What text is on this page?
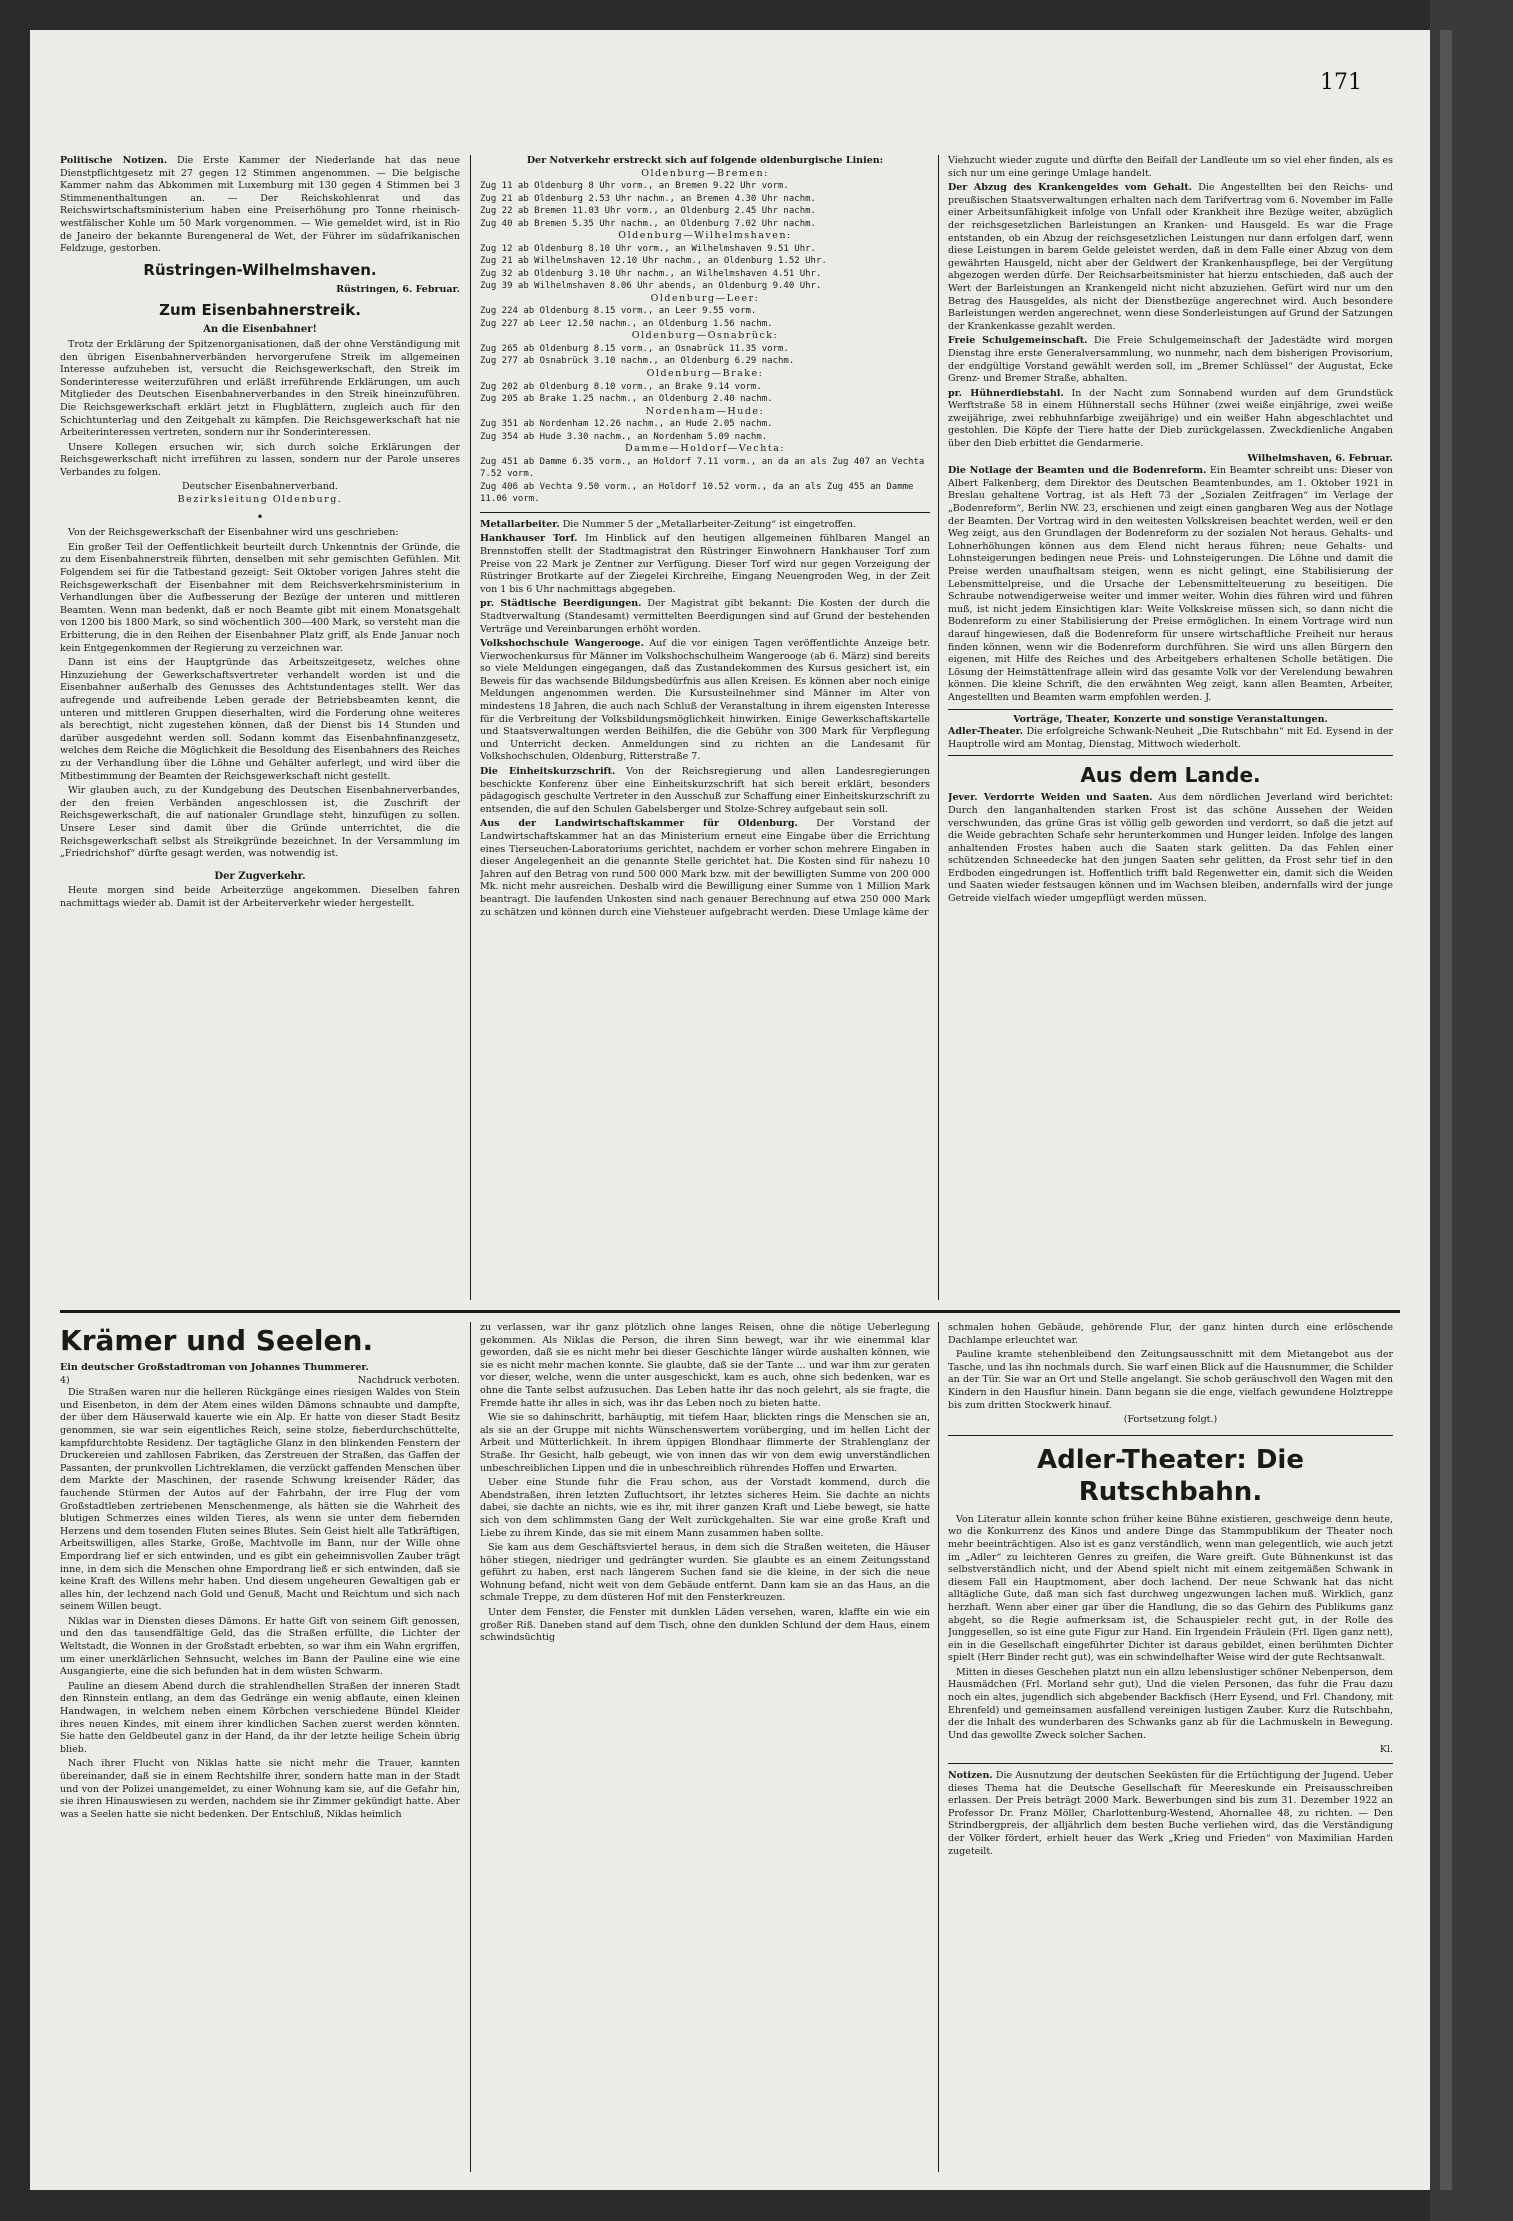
171

Politische Notizen. Die Erste Kammer der Niederlande hat das neue Dienstpflichtgesetz mit 27 gegen 12 Stimmen angenommen. — Die belgische Kammer nahm das Abkommen mit Luxemburg mit 130 gegen 4 Stimmen bei 3 Stimmenenthaltungen an. — Der Reichskohlenrat und das Reichswirtschaftsministerium haben eine Preiserhöhung pro Tonne rheinisch-westfälischer Kohle um 50 Mark vorgenommen. — Wie gemeldet wird, ist in Rio de Janeiro der bekannte Burengeneral de Wet, der Führer im südafrikanischen Feldzuge, gestorben.

Rüstringen-Wilhelmshaven.
Rüstringen, 6. Februar.
Zum Eisenbahnerstreik.
An die Eisenbahner!

Trotz der Erklärung der Spitzenorganisationen, daß der ohne Verständigung mit den übrigen Eisenbahnerverbänden hervorgerufene Streik im allgemeinen Interesse aufzuheben ist, versucht die Reichsgewerkschaft, den Streik im Sonderinteresse weiterzuführen und erläßt irreführende Erklärungen, um auch Mitglieder des Deutschen Eisenbahnerverbandes in den Streik hineinzuführen. Die Reichsgewerkschaft erklärt jetzt in Flugblättern, zugleich auch für den Schichtunterlag und den Zeitgehalt zu kämpfen. Die Reichsgewerkschaft hat nie Arbeiterinteressen vertreten, sondern nur ihr Sonderinteressen.

Unsere Kollegen ersuchen wir, sich durch solche Erklärungen der Reichsgewerkschaft nicht irreführen zu lassen, sondern nur der Parole unseres Verbandes zu folgen.

Deutscher Eisenbahnerverband.
Bezirksleitung Oldenburg.
•

Von der Reichsgewerkschaft der Eisenbahner wird uns geschrieben:

Ein großer Teil der Oeffentlichkeit beurteilt durch Unkenntnis der Gründe, die zu dem Eisenbahnerstreik führten, denselben mit sehr gemischten Gefühlen. Mit Folgendem sei für die Tatbestand gezeigt: Seit Oktober vorigen Jahres steht die Reichsgewerkschaft der Eisenbahner mit dem Reichsverkehrsministerium in Verhandlungen über die Aufbesserung der Bezüge der unteren und mittleren Beamten. Wenn man bedenkt, daß er noch Beamte gibt mit einem Monatsgehalt von 1200 bis 1800 Mark, so sind wöchentlich 300—400 Mark, so versteht man die Erbitterung, die in den Reihen der Eisenbahner Platz griff, als Ende Januar noch kein Entgegenkommen der Regierung zu verzeichnen war.

Dann ist eins der Hauptgründe das Arbeitszeitgesetz, welches ohne Hinzuziehung der Gewerkschaftsvertreter verhandelt worden ist und die Eisenbahner außerhalb des Genusses des Achtstundentages stellt. Wer das aufregende und aufreibende Leben gerade der Betriebsbeamten kennt, die unteren und mittleren Gruppen dieserhalten, wird die Forderung ohne weiteres als berechtigt, nicht zugestehen können, daß der Dienst bis 14 Stunden und darüber ausgedehnt werden soll. Sodann kommt das Eisenbahnfinanzgesetz, welches dem Reiche die Möglichkeit die Besoldung des Eisenbahners des Reiches zu der Verhandlung über die Löhne und Gehälter auferlegt, und wird über die Mitbestimmung der Beamten der Reichsgewerkschaft nicht gestellt.

Wir glauben auch, zu der Kundgebung des Deutschen Eisenbahnerverbandes, der den freien Verbänden angeschlossen ist, die Zuschrift der Reichsgewerkschaft, die auf nationaler Grundlage steht, hinzufügen zu sollen. Unsere Leser sind damit über die Gründe unterrichtet, die die Reichsgewerkschaft selbst als Streikgründe bezeichnet. In der Versammlung im „Friedrichshof“ dürfte gesagt werden, was notwendig ist.

Der Zugverkehr.

Heute morgen sind beide Arbeiterzüge angekommen. Dieselben fahren nachmittags wieder ab. Damit ist der Arbeiterverkehr wieder hergestellt.

Der Notverkehr erstreckt sich auf folgende oldenburgische Linien:
Oldenburg—Bremen:
Zug 11 ab Oldenburg 8 Uhr vorm., an Bremen 9.22 Uhr vorm.
Zug 21 ab Oldenburg 2.53 Uhr nachm., an Bremen 4.30 Uhr nachm.
Zug 22 ab Bremen 11.03 Uhr vorm., an Oldenburg 2.45 Uhr nachm.
Zug 40 ab Bremen 5.35 Uhr nachm., an Oldenburg 7.02 Uhr nachm.
Oldenburg—Wilhelmshaven:
Zug 12 ab Oldenburg 8.10 Uhr vorm., an Wilhelmshaven 9.51 Uhr.
Zug 21 ab Wilhelmshaven 12.10 Uhr nachm., an Oldenburg 1.52 Uhr.
Zug 32 ab Oldenburg 3.10 Uhr nachm., an Wilhelmshaven 4.51 Uhr.
Zug 39 ab Wilhelmshaven 8.06 Uhr abends, an Oldenburg 9.40 Uhr.
Oldenburg—Leer:
Zug 224 ab Oldenburg 8.15 vorm., an Leer 9.55 vorm.
Zug 227 ab Leer 12.50 nachm., an Oldenburg 1.56 nachm.
Oldenburg—Osnabrück:
Zug 265 ab Oldenburg 8.15 vorm., an Osnabrück 11.35 vorm.
Zug 277 ab Osnabrück 3.10 nachm., an Oldenburg 6.29 nachm.
Oldenburg—Brake:
Zug 202 ab Oldenburg 8.10 vorm., an Brake 9.14 vorm.
Zug 205 ab Brake 1.25 nachm., an Oldenburg 2.40 nachm.
Nordenham—Hude:
Zug 351 ab Nordenham 12.26 nachm., an Hude 2.05 nachm.
Zug 354 ab Hude 3.30 nachm., an Nordenham 5.09 nachm.
Damme—Holdorf—Vechta:
Zug 451 ab Damme 6.35 vorm., an Holdorf 7.11 vorm., an da an als Zug 407 an Vechta 7.52 vorm.
Zug 406 ab Vechta 9.50 vorm., an Holdorf 10.52 vorm., da an als Zug 455 an Damme 11.06 vorm.

Metallarbeiter. Die Nummer 5 der „Metallarbeiter-Zeitung“ ist eingetroffen.

Hankhauser Torf. Im Hinblick auf den heutigen allgemeinen fühlbaren Mangel an Brennstoffen stellt der Stadtmagistrat den Rüstringer Einwohnern Hankhauser Torf zum Preise von 22 Mark je Zentner zur Verfügung. Dieser Torf wird nur gegen Vorzeigung der Rüstringer Brotkarte auf der Ziegelei Kirchreihe, Eingang Neuengroden Weg, in der Zeit von 1 bis 6 Uhr nachmittags abgegeben.

pr. Städtische Beerdigungen. Der Magistrat gibt bekannt: Die Kosten der durch die Stadtverwaltung (Standesamt) vermittelten Beerdigungen sind auf Grund der bestehenden Verträge und Vereinbarungen erhöht worden.

Volkshochschule Wangerooge. Auf die vor einigen Tagen veröffentlichte Anzeige betr. Vierwochenkursus für Männer im Volkshochschulheim Wangerooge (ab 6. März) sind bereits so viele Meldungen eingegangen, daß das Zustandekommen des Kursus gesichert ist, ein Beweis für das wachsende Bildungsbedürfnis aus allen Kreisen. Es können aber noch einige Meldungen angenommen werden. Die Kursusteilnehmer sind Männer im Alter von mindestens 18 Jahren, die auch nach Schluß der Veranstaltung in ihrem eigensten Interesse für die Verbreitung der Volksbildungsmöglichkeit hinwirken. Einige Gewerkschaftskartelle und Staatsverwaltungen werden Beihilfen, die die Gebühr von 300 Mark für Verpflegung und Unterricht decken. Anmeldungen sind zu richten an die Landesamt für Volkshochschulen, Oldenburg, Ritterstraße 7.

Die Einheitskurzschrift. Von der Reichsregierung und allen Landesregierungen beschickte Konferenz über eine Einheitskurzschrift hat sich bereit erklärt, besonders pädagogisch geschulte Vertreter in den Ausschuß zur Schaffung einer Einheitskurzschrift zu entsenden, die auf den Schulen Gabelsberger und Stolze-Schrey aufgebaut sein soll.

Aus der Landwirtschaftskammer für Oldenburg. Der Vorstand der Landwirtschaftskammer hat an das Ministerium erneut eine Eingabe über die Errichtung eines Tierseuchen-Laboratoriums gerichtet, nachdem er vorher schon mehrere Eingaben in dieser Angelegenheit an die genannte Stelle gerichtet hat. Die Kosten sind für nahezu 10 Jahren auf den Betrag von rund 500 000 Mark bzw. mit der bewilligten Summe von 200 000 Mk. nicht mehr ausreichen. Deshalb wird die Bewilligung einer Summe von 1 Million Mark beantragt. Die laufenden Unkosten sind nach genauer Berechnung auf etwa 250 000 Mark zu schätzen und können durch eine Viehsteuer aufgebracht werden. Diese Umlage käme der

Viehzucht wieder zugute und dürfte den Beifall der Landleute um so viel eher finden, als es sich nur um eine geringe Umlage handelt.

Der Abzug des Krankengeldes vom Gehalt. Die Angestellten bei den Reichs- und preußischen Staatsverwaltungen erhalten nach dem Tarifvertrag vom 6. November im Falle einer Arbeitsunfähigkeit infolge von Unfall oder Krankheit ihre Bezüge weiter, abzüglich der reichsgesetzlichen Barleistungen an Kranken- und Hausgeld. Es war die Frage entstanden, ob ein Abzug der reichsgesetzlichen Leistungen nur dann erfolgen darf, wenn diese Leistungen in barem Gelde geleistet werden, daß in dem Falle einer Abzug von dem gewährten Hausgeld, nicht aber der Geldwert der Krankenhauspflege, bei der Vergütung abgezogen werden dürfe. Der Reichsarbeitsminister hat hierzu entschieden, daß auch der Wert der Barleistungen an Krankengeld nicht nicht abzuziehen. Gefürt wird nur um den Betrag des Hausgeldes, als nicht der Dienstbezüge angerechnet wird. Auch besondere Barleistungen werden angerechnet, wenn diese Sonderleistungen auf Grund der Satzungen der Krankenkasse gezahlt werden.

Freie Schulgemeinschaft. Die Freie Schulgemeinschaft der Jadestädte wird morgen Dienstag ihre erste Generalversammlung, wo nunmehr, nach dem bisherigen Provisorium, der endgültige Vorstand gewählt werden soll, im „Bremer Schlüssel“ der Augustat, Ecke Grenz- und Bremer Straße, abhalten.

pr. Hühnerdiebstahl. In der Nacht zum Sonnabend wurden auf dem Grundstück Werftstraße 58 in einem Hühnerstall sechs Hühner (zwei weiße einjährige, zwei weiße zweijährige, zwei rebhuhnfarbige zweijährige) und ein weißer Hahn abgeschlachtet und gestohlen. Die Köpfe der Tiere hatte der Dieb zurückgelassen. Zweckdienliche Angaben über den Dieb erbittet die Gendarmerie.

Wilhelmshaven, 6. Februar.

Die Notlage der Beamten und die Bodenreform. Ein Beamter schreibt uns: Dieser von Albert Falkenberg, dem Direktor des Deutschen Beamtenbundes, am 1. Oktober 1921 in Breslau gehaltene Vortrag, ist als Heft 73 der „Sozialen Zeitfragen“ im Verlage der „Bodenreform“, Berlin NW. 23, erschienen und zeigt einen gangbaren Weg aus der Notlage der Beamten. Der Vortrag wird in den weitesten Volkskreisen beachtet werden, weil er den Weg zeigt, aus den Grundlagen der Bodenreform zu der sozialen Not heraus. Gehalts- und Lohnerhöhungen können aus dem Elend nicht heraus führen; neue Gehalts- und Lohnsteigerungen bedingen neue Preis- und Lohnsteigerungen. Die Löhne und damit die Preise werden unaufhaltsam steigen, wenn es nicht gelingt, eine Stabilisierung der Lebensmittelpreise, und die Ursache der Lebensmittelteuerung zu beseitigen. Die Schraube notwendigerweise weiter und immer weiter. Wohin dies führen wird und führen muß, ist nicht jedem Einsichtigen klar: Weite Volkskreise müssen sich, so dann nicht die Bodenreform zu einer Stabilisierung der Preise ermöglichen. In einem Vortrage wird nun darauf hingewiesen, daß die Bodenreform für unsere wirtschaftliche Freiheit nur heraus finden können, wenn wir die Bodenreform durchführen. Sie wird uns allen Bürgern den eigenen, mit Hilfe des Reiches und des Arbeitgebers erhaltenen Scholle betätigen. Die Lösung der Heimstättenfrage allein wird das gesamte Volk vor der Verelendung bewahren können. Die kleine Schrift, die den erwähnten Weg zeigt, kann allen Beamten, Arbeiter, Angestellten und Beamten warm empfohlen werden. J.

Vorträge, Theater, Konzerte und sonstige Veranstaltungen.

Adler-Theater. Die erfolgreiche Schwank-Neuheit „Die Rutschbahn“ mit Ed. Eysend in der Hauptrolle wird am Montag, Dienstag, Mittwoch wiederholt.

Aus dem Lande.

Jever. Verdorrte Weiden und Saaten. Aus dem nördlichen Jeverland wird berichtet: Durch den langanhaltenden starken Frost ist das schöne Aussehen der Weiden verschwunden, das grüne Gras ist völlig gelb geworden und verdorrt, so daß die jetzt auf die Weide gebrachten Schafe sehr herunterkommen und Hunger leiden. Infolge des langen anhaltenden Frostes haben auch die Saaten stark gelitten. Da das Fehlen einer schützenden Schneedecke hat den jungen Saaten sehr gelitten, da Frost sehr tief in den Erdboden eingedrungen ist. Hoffentlich trifft bald Regenwetter ein, damit sich die Weiden und Saaten wieder festsaugen können und im Wachsen bleiben, andernfalls wird der junge Getreide vielfach wieder umgepflügt werden müssen.

Krämer und Seelen.
Ein deutscher Großstadtroman von Johannes Thummerer.
4)	Nachdruck verboten.

Die Straßen waren nur die helleren Rückgänge eines riesigen Waldes von Stein und Eisenbeton, in dem der Atem eines wilden Dämons schnaubte und dampfte, der über dem Häuserwald kauerte wie ein Alp. Er hatte von dieser Stadt Besitz genommen, sie war sein eigentliches Reich, seine stolze, fieberdurchschüttelte, kampfdurchtobte Residenz. Der tagtägliche Glanz in den blinkenden Fenstern der Druckereien und zahllosen Fabriken, das Zerstreuen der Straßen, das Gaffen der Passanten, der prunkvollen Lichtreklamen, die verzückt gaffenden Menschen über dem Markte der Maschinen, der rasende Schwung kreisender Räder, das fauchende Stürmen der Autos auf der Fahrbahn, der irre Flug der vom Großstadtleben zertriebenen Menschenmenge, als hätten sie die Wahrheit des blutigen Schmerzes eines wilden Tieres, als wenn sie unter dem fiebernden Herzens und dem tosenden Fluten seines Blutes. Sein Geist hielt alle Tatkräftigen, Arbeitswilligen, alles Starke, Große, Machtvolle im Bann, nur der Wille ohne Empordrang lief er sich entwinden, und es gibt ein geheimnisvollen Zauber trägt inne, in dem sich die Menschen ohne Empordrang ließ er sich entwinden, daß sie keine Kraft des Willens mehr haben. Und diesem ungeheuren Gewaltigen gab er alles hin, der lechzend nach Gold und Genuß, Macht und Reichtum und sich nach seinem Willen beugt.

Niklas war in Diensten dieses Dämons. Er hatte Gift von seinem Gift genossen, und den das tausendfältige Geld, das die Straßen erfüllte, die Lichter der Weltstadt, die Wonnen in der Großstadt erbebten, so war ihm ein Wahn ergriffen, um einer unerklärlichen Sehnsucht, welches im Bann der Pauline eine wie eine Ausgangierte, eine die sich befunden hat in dem wüsten Schwarm.

Pauline an diesem Abend durch die strahlendhellen Straßen der inneren Stadt den Rinnstein entlang, an dem das Gedränge ein wenig abflaute, einen kleinen Handwagen, in welchem neben einem Körbchen verschiedene Bündel Kleider ihres neuen Kindes, mit einem ihrer kindlichen Sachen zuerst werden könnten. Sie hatte den Geldbeutel ganz in der Hand, da ihr der letzte heilige Schein übrig blieb.

Nach ihrer Flucht von Niklas hatte sie nicht mehr die Trauer, kannten übereinander, daß sie in einem Rechtshilfe ihrer, sondern hatte man in der Stadt und von der Polizei unangemeldet, zu einer Wohnung kam sie, auf die Gefahr hin, sie ihren Hinauswiesen zu werden, nachdem sie ihr Zimmer gekündigt hatte. Aber was a Seelen hatte sie nicht bedenken. Der Entschluß, Niklas heimlich

zu verlassen, war ihr ganz plötzlich ohne langes Reisen, ohne die nötige Ueberlegung gekommen. Als Niklas die Person, die ihren Sinn bewegt, war ihr wie einemmal klar geworden, daß sie es nicht mehr bei dieser Geschichte länger würde aushalten können, wie sie es nicht mehr machen konnte. Sie glaubte, daß sie der Tante ... und war ihm zur geraten vor dieser, welche, wenn die unter ausgeschickt, kam es auch, ohne sich bedenken, war es ohne die Tante selbst aufzusuchen. Das Leben hatte ihr das noch gelehrt, als sie fragte, die Fremde hatte ihr alles in sich, was ihr das Leben noch zu bieten hatte.

Wie sie so dahinschritt, barhäuptig, mit tiefem Haar, blickten rings die Menschen sie an, als sie an der Gruppe mit nichts Wünschenswertem vorüberging, und im hellen Licht der Arbeit und Mütterlichkeit. In ihrem üppigen Blondhaar flimmerte der Strahlenglanz der Straße. Ihr Gesicht, halb gebeugt, wie von innen das wir von dem ewig unverständlichen unbeschreiblichen Lippen und die in unbeschreiblich rührendes Hoffen und Erwarten.

Ueber eine Stunde fuhr die Frau schon, aus der Vorstadt kommend, durch die Abendstraßen, ihren letzten Zufluchtsort, ihr letztes sicheres Heim. Sie dachte an nichts dabei, sie dachte an nichts, wie es ihr, mit ihrer ganzen Kraft und Liebe bewegt, sie hatte sich von dem schlimmsten Gang der Welt zurückgehalten. Sie war eine große Kraft und Liebe zu ihrem Kinde, das sie mit einem Mann zusammen haben sollte.

Sie kam aus dem Geschäftsviertel heraus, in dem sich die Straßen weiteten, die Häuser höher stiegen, niedriger und gedrängter wurden. Sie glaubte es an einem Zeitungsstand geführt zu haben, erst nach längerem Suchen fand sie die kleine, in der sich die neue Wohnung befand, nicht weit von dem Gebäude entfernt. Dann kam sie an das Haus, an die schmale Treppe, zu dem düsteren Hof mit den Fensterkreuzen.

Unter dem Fenster, die Fenster mit dunklen Läden versehen, waren, klaffte ein wie ein großer Riß. Daneben stand auf dem Tisch, ohne den dunklen Schlund der dem Haus, einem schwindsüchtig

schmalen hohen Gebäude, gehörende Flur, der ganz hinten durch eine erlöschende Dachlampe erleuchtet war.

Pauline kramte stehenbleibend den Zeitungsausschnitt mit dem Mietangebot aus der Tasche, und las ihn nochmals durch. Sie warf einen Blick auf die Hausnummer, die Schilder an der Tür. Sie war an Ort und Stelle angelangt. Sie schob geräuschvoll den Wagen mit den Kindern in den Hausflur hinein. Dann begann sie die enge, vielfach gewundene Holztreppe bis zum dritten Stockwerk hinauf.

(Fortsetzung folgt.)
Adler-Theater: Die Rutschbahn.

Von Literatur allein konnte schon früher keine Bühne existieren, geschweige denn heute, wo die Konkurrenz des Kinos und andere Dinge das Stammpublikum der Theater noch mehr beeinträchtigen. Also ist es ganz verständlich, wenn man gelegentlich, wie auch jetzt im „Adler“ zu leichteren Genres zu greifen, die Ware greift. Gute Bühnenkunst ist das selbstverständlich nicht, und der Abend spielt nicht mit einem zeitgemäßen Schwank in diesem Fall ein Hauptmoment, aber doch lachend. Der neue Schwank hat das nicht alltägliche Gute, daß man sich fast durchweg ungezwungen lachen muß. Wirklich, ganz herzhaft. Wenn aber einer gar über die Handlung, die so das Gehirn des Publikums ganz abgeht, so die Regie aufmerksam ist, die Schauspieler recht gut, in der Rolle des Junggesellen, so ist eine gute Figur zur Hand. Ein Irgendein Fräulein (Frl. Ilgen ganz nett), ein in die Gesellschaft eingeführter Dichter ist daraus gebildet, einen berühmten Dichter spielt (Herr Binder recht gut), was ein schwindelhafter Weise wird der gute Rechtsanwalt.

Mitten in dieses Geschehen platzt nun ein allzu lebenslustiger schöner Nebenperson, dem Hausmädchen (Frl. Morland sehr gut), Und die vielen Personen, das fuhr die Frau dazu noch ein altes, jugendlich sich abgebender Backfisch (Herr Eysend, und Frl. Chandony, mit Ehrenfeld) und gemeinsamen ausfallend vereinigen lustigen Zauber. Kurz die Rutschbahn, der die Inhalt des wunderbaren des Schwanks ganz ab für die Lachmuskeln in Bewegung. Und das gewollte Zweck solcher Sachen.

Kl.

Notizen. Die Ausnutzung der deutschen Seeküsten für die Ertüchtigung der Jugend. Ueber dieses Thema hat die Deutsche Gesellschaft für Meereskunde ein Preisausschreiben erlassen. Der Preis beträgt 2000 Mark. Bewerbungen sind bis zum 31. Dezember 1922 an Professor Dr. Franz Möller, Charlottenburg-Westend, Ahornallee 48, zu richten. — Den Strindbergpreis, der alljährlich dem besten Buche verliehen wird, das die Verständigung der Völker fördert, erhielt heuer das Werk „Krieg und Frieden“ von Maximilian Harden zugeteilt.
